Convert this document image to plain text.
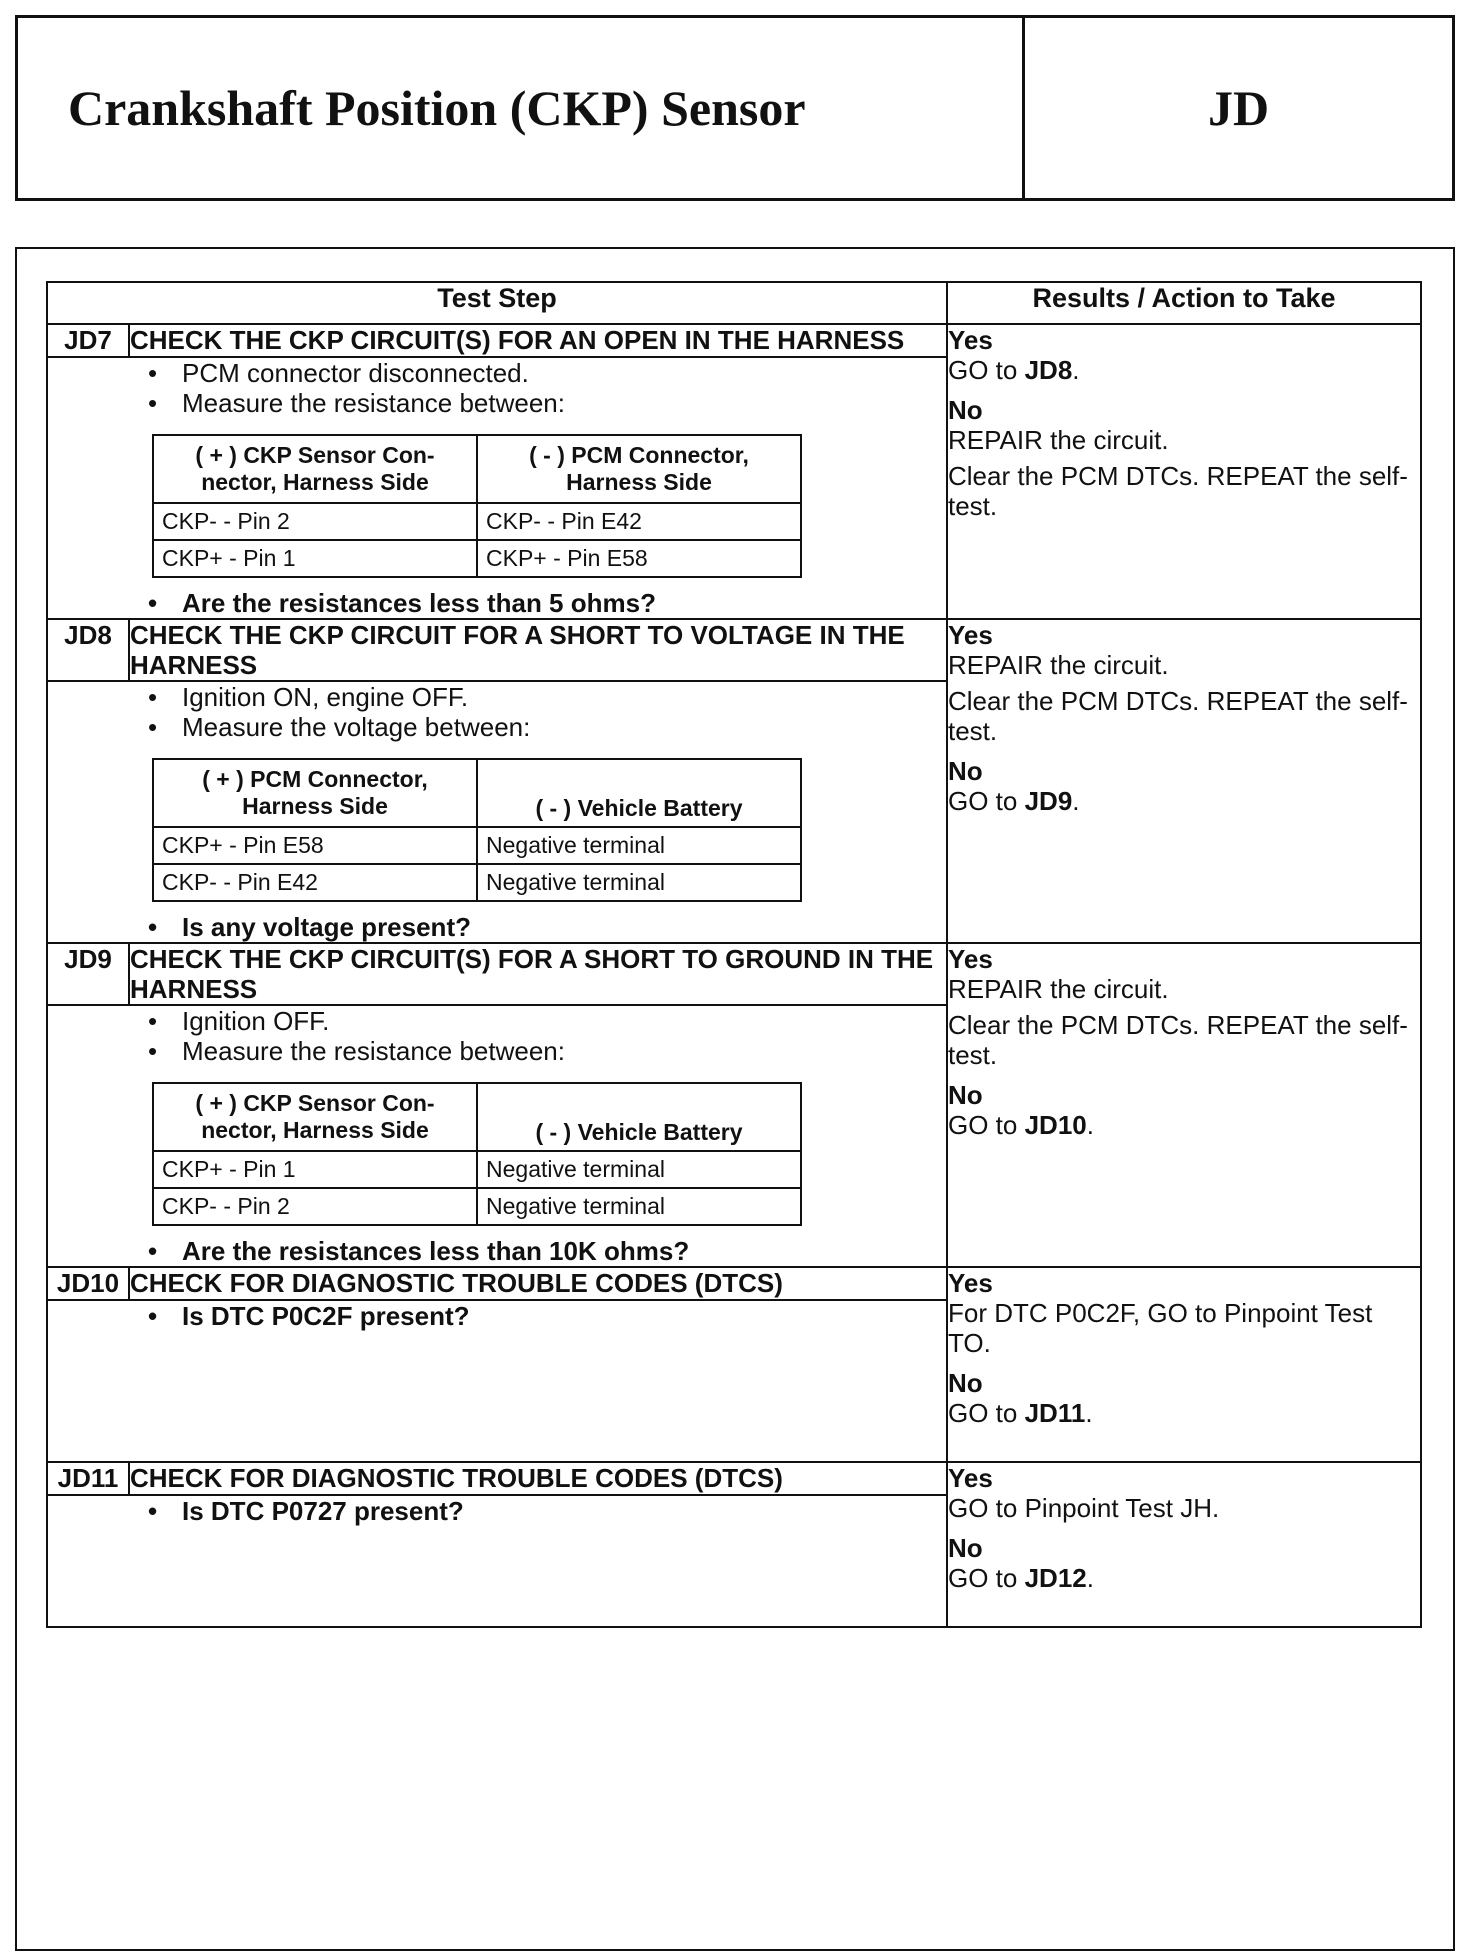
Crankshaft Position (CKP) Sensor	JD
Test Step	Results / Action to Take
JD7	CHECK THE CKP CIRCUIT(S) FOR AN OPEN IN THE HARNESS	Yes
GO to JD8.
No
REPAIR the circuit.
Clear the PCM DTCs. REPEAT the self-test.

• PCM connector disconnected.
• Measure the resistance between:
( + ) CKP Sensor Con-nector, Harness Side	( - ) PCM Connector, Harness Side
CKP- - Pin 2	CKP- - Pin E42
CKP+ - Pin 1	CKP+ - Pin E58
• Are the resistances less than 5 ohms?

JD8	CHECK THE CKP CIRCUIT FOR A SHORT TO VOLTAGE IN THE HARNESS	
Yes
REPAIR the circuit.
Clear the PCM DTCs. REPEAT the self-test.
No
GO to JD9.

• Ignition ON, engine OFF.
• Measure the voltage between:
( + ) PCM Connector, Harness Side	( - ) Vehicle Battery
CKP+ - Pin E58	Negative terminal
CKP- - Pin E42	Negative terminal
• Is any voltage present?

JD9	CHECK THE CKP CIRCUIT(S) FOR A SHORT TO GROUND IN THE HARNESS	
Yes
REPAIR the circuit.
Clear the PCM DTCs. REPEAT the self-test.
No
GO to JD10.

• Ignition OFF.
• Measure the resistance between:
( + ) CKP Sensor Con-nector, Harness Side	( - ) Vehicle Battery
CKP+ - Pin 1	Negative terminal
CKP- - Pin 2	Negative terminal
• Are the resistances less than 10K ohms?

JD10	CHECK FOR DIAGNOSTIC TROUBLE CODES (DTCS)	Yes
For DTC P0C2F, GO to Pinpoint Test TO.
No
GO to JD11.

• Is DTC P0C2F present?

JD11	CHECK FOR DIAGNOSTIC TROUBLE CODES (DTCS)	Yes
GO to Pinpoint Test JH.
No
GO to JD12.

• Is DTC P0727 present?
